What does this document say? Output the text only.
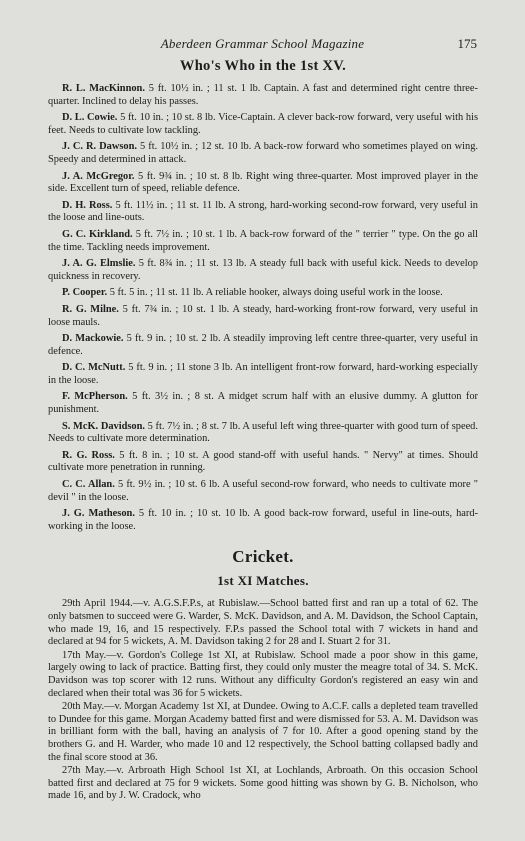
Aberdeen Grammar School Magazine	175
Who's Who in the 1st XV.

R. L. MacKinnon. 5 ft. 10½ in. ; 11 st. 1 lb. Captain. A fast and determined right centre three-quarter. Inclined to delay his passes.

D. L. Cowie. 5 ft. 10 in. ; 10 st. 8 lb. Vice-Captain. A clever back-row forward, very useful with his feet. Needs to cultivate low tackling.

J. C. R. Dawson. 5 ft. 10½ in. ; 12 st. 10 lb. A back-row forward who sometimes played on wing. Speedy and determined in attack.

J. A. McGregor. 5 ft. 9¾ in. ; 10 st. 8 lb. Right wing three-quarter. Most improved player in the side. Excellent turn of speed, reliable defence.

D. H. Ross. 5 ft. 11½ in. ; 11 st. 11 lb. A strong, hard-working second-row forward, very useful in the loose and line-outs.

G. C. Kirkland. 5 ft. 7½ in. ; 10 st. 1 lb. A back-row forward of the " terrier " type. On the go all the time. Tackling needs improvement.

J. A. G. Elmslie. 5 ft. 8¾ in. ; 11 st. 13 lb. A steady full back with useful kick. Needs to develop quickness in recovery.

P. Cooper. 5 ft. 5 in. ; 11 st. 11 lb. A reliable hooker, always doing useful work in the loose.

R. G. Milne. 5 ft. 7¾ in. ; 10 st. 1 lb. A steady, hard-working front-row forward, very useful in loose mauls.

D. Mackowie. 5 ft. 9 in. ; 10 st. 2 lb. A steadily improving left centre three-quarter, very useful in defence.

D. C. McNutt. 5 ft. 9 in. ; 11 stone 3 lb. An intelligent front-row forward, hard-working especially in the loose.

F. McPherson. 5 ft. 3½ in. ; 8 st. A midget scrum half with an elusive dummy. A glutton for punishment.

S. McK. Davidson. 5 ft. 7½ in. ; 8 st. 7 lb. A useful left wing three-quarter with good turn of speed. Needs to cultivate more determination.

R. G. Ross. 5 ft. 8 in. ; 10 st. A good stand-off with useful hands. " Nervy" at times. Should cultivate more penetration in running.

C. C. Allan. 5 ft. 9½ in. ; 10 st. 6 lb. A useful second-row forward, who needs to cultivate more " devil " in the loose.

J. G. Matheson. 5 ft. 10 in. ; 10 st. 10 lb. A good back-row forward, useful in line-outs, hard-working in the loose.

Cricket.
1st XI Matches.

29th April 1944.—v. A.G.S.F.P.s, at Rubislaw.—School batted first and ran up a total of 62. The only batsmen to succeed were G. Warder, S. McK. Davidson, and A. M. Davidson, the School Captain, who made 19, 16, and 15 respectively. F.P.s passed the School total with 7 wickets in hand and declared at 94 for 5 wickets, A. M. Davidson taking 2 for 28 and I. Stuart 2 for 31.

17th May.—v. Gordon's College 1st XI, at Rubislaw. School made a poor show in this game, largely owing to lack of practice. Batting first, they could only muster the meagre total of 34. S. McK. Davidson was top scorer with 12 runs. Without any difficulty Gordon's registered an easy win and declared when their total was 36 for 5 wickets.

20th May.—v. Morgan Academy 1st XI, at Dundee. Owing to A.C.F. calls a depleted team travelled to Dundee for this game. Morgan Academy batted first and were dismissed for 53. A. M. Davidson was in brilliant form with the ball, having an analysis of 7 for 10. After a good opening stand by the brothers G. and H. Warder, who made 10 and 12 respectively, the School batting collapsed badly and the final score stood at 36.

27th May.—v. Arbroath High School 1st XI, at Lochlands, Arbroath. On this occasion School batted first and declared at 75 for 9 wickets. Some good hitting was shown by G. B. Nicholson, who made 16, and by J. W. Cradock, who
